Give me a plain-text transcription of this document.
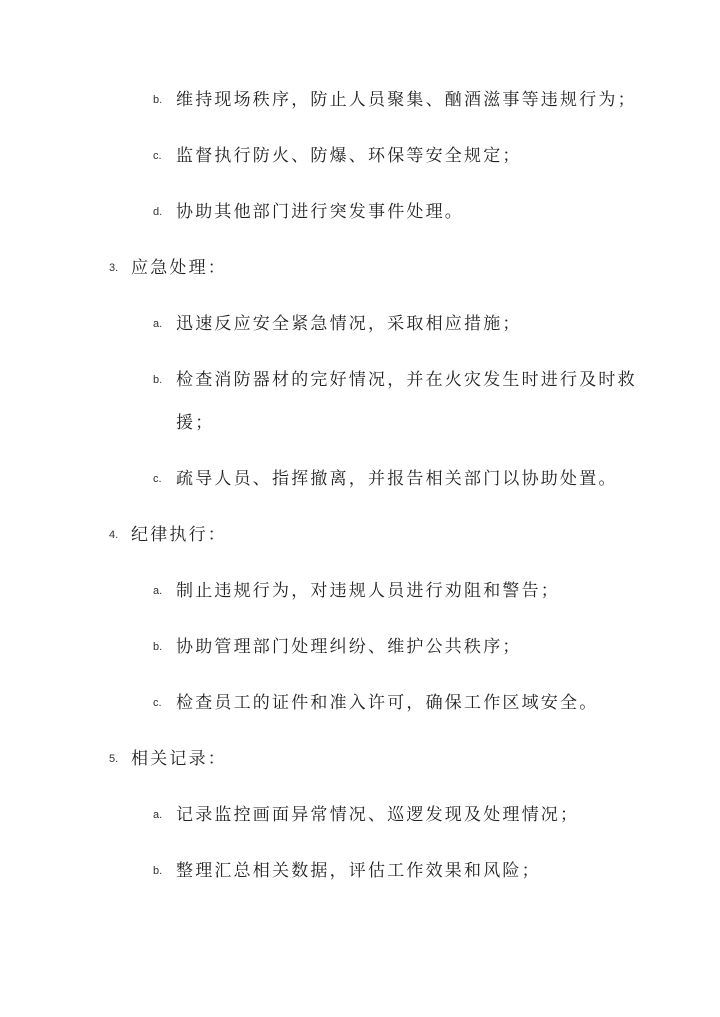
b. 维持现场秩序，防止人员聚集、酗酒滋事等违规行为；
c. 监督执行防火、防爆、环保等安全规定；
d. 协助其他部门进行突发事件处理。
3. 应急处理：
a. 迅速反应安全紧急情况，采取相应措施；
b. 检查消防器材的完好情况，并在火灾发生时进行及时救
援；
c. 疏导人员、指挥撤离，并报告相关部门以协助处置。
4. 纪律执行：
a. 制止违规行为，对违规人员进行劝阻和警告；
b. 协助管理部门处理纠纷、维护公共秩序；
c. 检查员工的证件和准入许可，确保工作区域安全。
5. 相关记录：
a. 记录监控画面异常情况、巡逻发现及处理情况；
b. 整理汇总相关数据，评估工作效果和风险；
